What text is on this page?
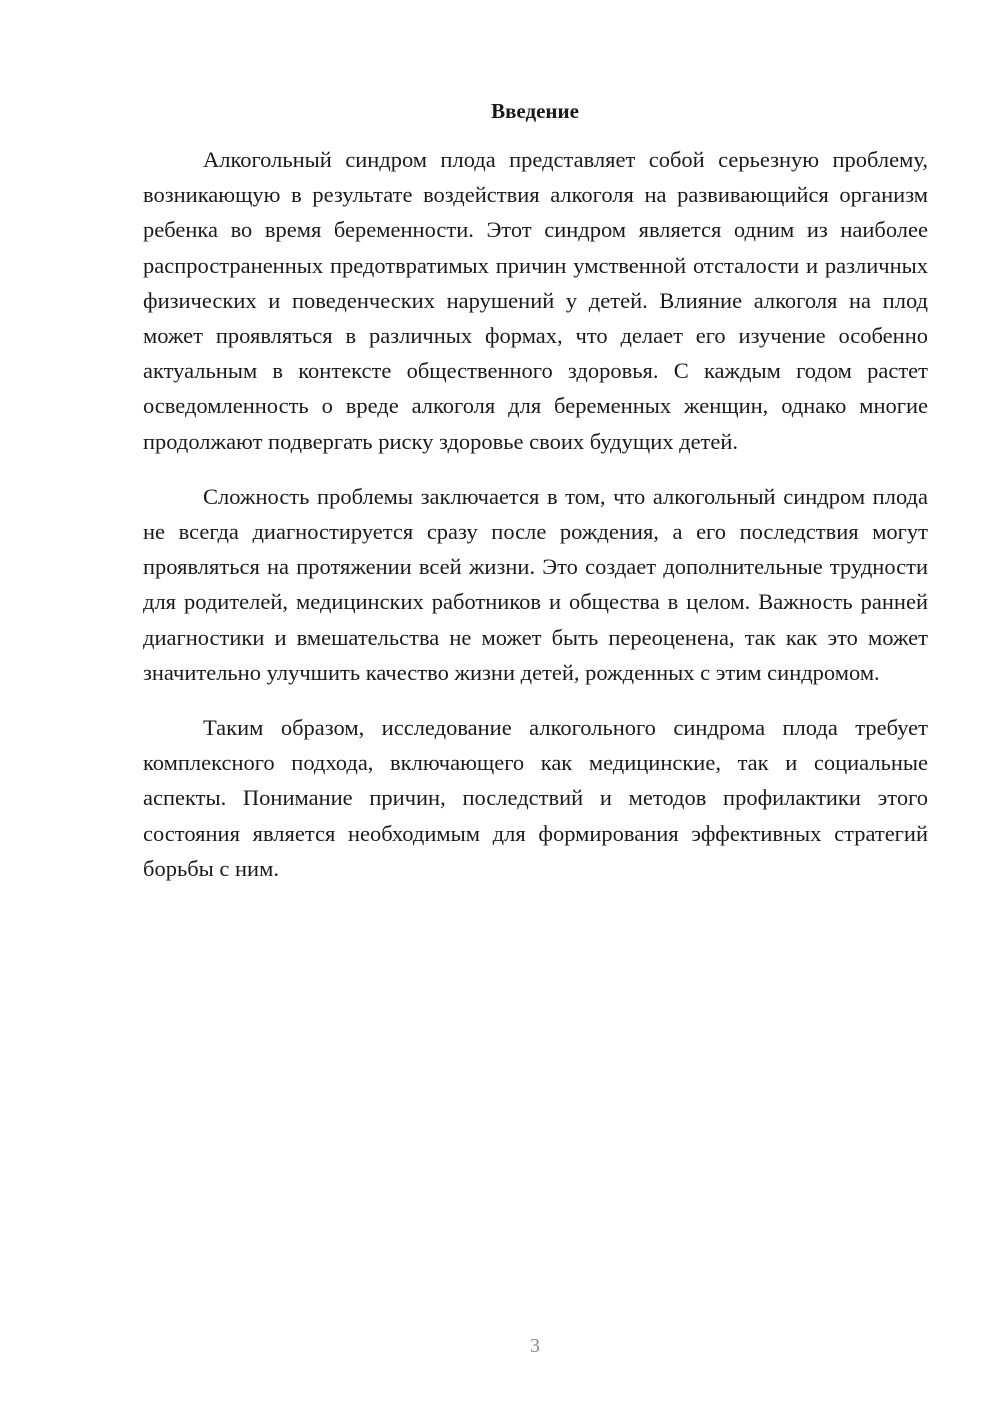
Введение

Алкогольный синдром плода представляет собой серьезную проблему, возникающую в результате воздействия алкоголя на развивающийся организм ребенка во время беременности. Этот синдром является одним из наиболее распространенных предотвратимых причин умственной отсталости и различных физических и поведенческих нарушений у детей. Влияние алкоголя на плод может проявляться в различных формах, что делает его изучение особенно актуальным в контексте общественного здоровья. С каждым годом растет осведомленность о вреде алкоголя для беременных женщин, однако многие продолжают подвергать риску здоровье своих будущих детей.

Сложность проблемы заключается в том, что алкогольный синдром плода не всегда диагностируется сразу после рождения, а его последствия могут проявляться на протяжении всей жизни. Это создает дополнительные трудности для родителей, медицинских работников и общества в целом. Важность ранней диагностики и вмешательства не может быть переоценена, так как это может значительно улучшить качество жизни детей, рожденных с этим синдромом.

Таким образом, исследование алкогольного синдрома плода требует комплексного подхода, включающего как медицинские, так и социальные аспекты. Понимание причин, последствий и методов профилактики этого состояния является необходимым для формирования эффективных стратегий борьбы с ним.

3
